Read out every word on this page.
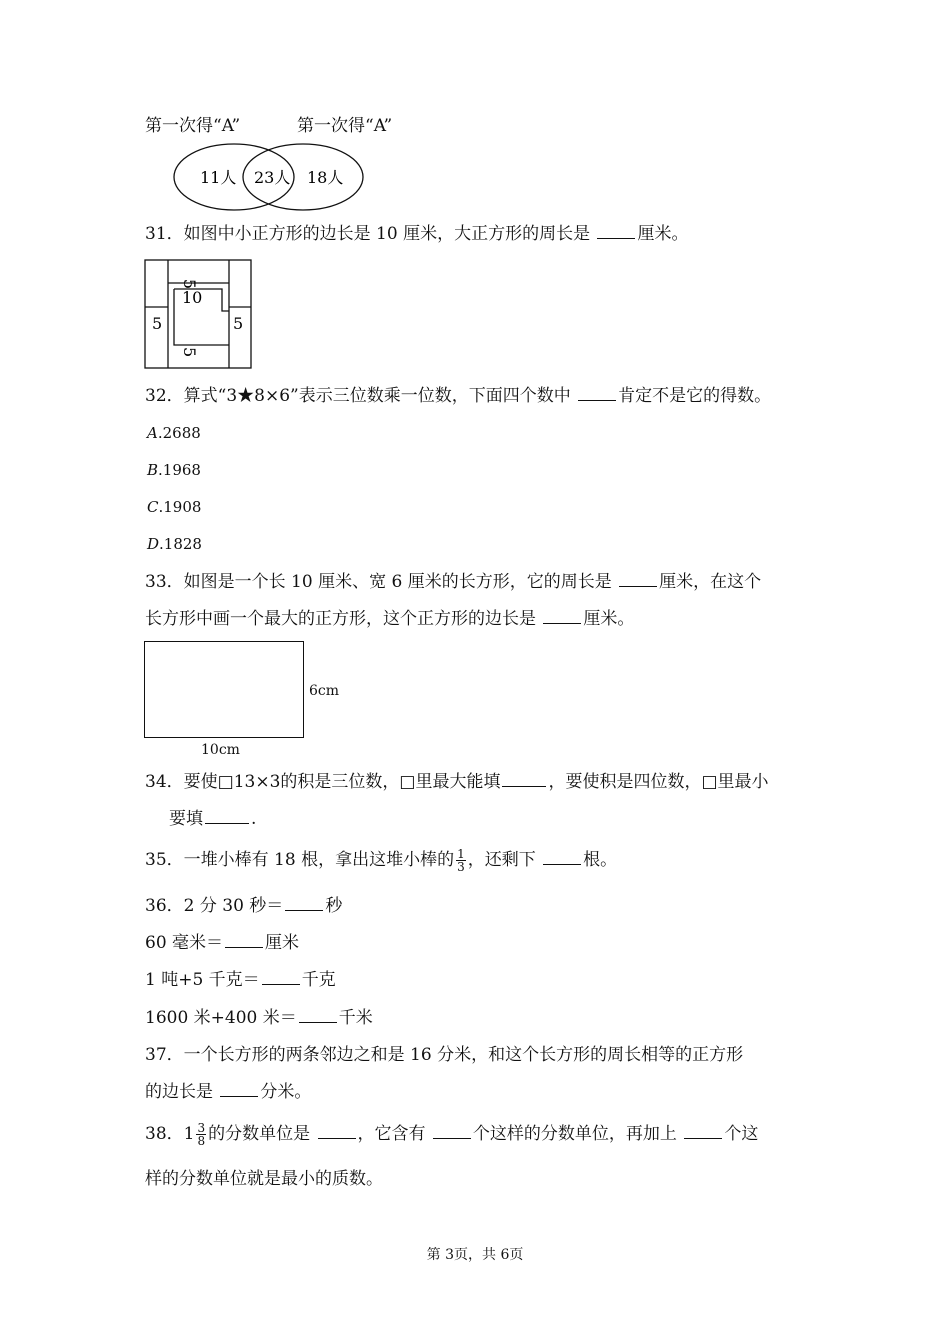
第一次得“A”	第一次得“A”
11人 23人 18人
31．如图中小正方形的边长是 10 厘米，大正方形的周长是 厘米。
5
10
5	5
5
32．算式“3★8×6”表示三位数乘一位数，下面四个数中 肯定不是它的得数。
A.2688
B.1968
C.1908
D.1828
33．如图是一个长 10 厘米、宽 6 厘米的长方形，它的周长是 厘米，在这个
长方形中画一个最大的正方形，这个正方形的边长是 厘米。
6cm
10cm
34．要使□13×3的积是三位数，□里最大能填	，要使积是四位数，□里最小
要填	.
35．一堆小棒有 18 根，拿出这堆小棒的 $\frac{1}{3}$ ，还剩下 根。
36．2 分 30 秒＝ 秒
60 毫米＝ 厘米
1 吨+5 千克＝ 千克
1600 米+400 米＝ 千米
37．一个长方形的两条邻边之和是 16 分米，和这个长方形的周长相等的正方形
的边长是 分米。
38．$1 \frac{3}{8}$ 的分数单位是 ，它含有 个这样的分数单位，再加上 个这
样的分数单位就是最小的质数。
第 3页，共 6页
